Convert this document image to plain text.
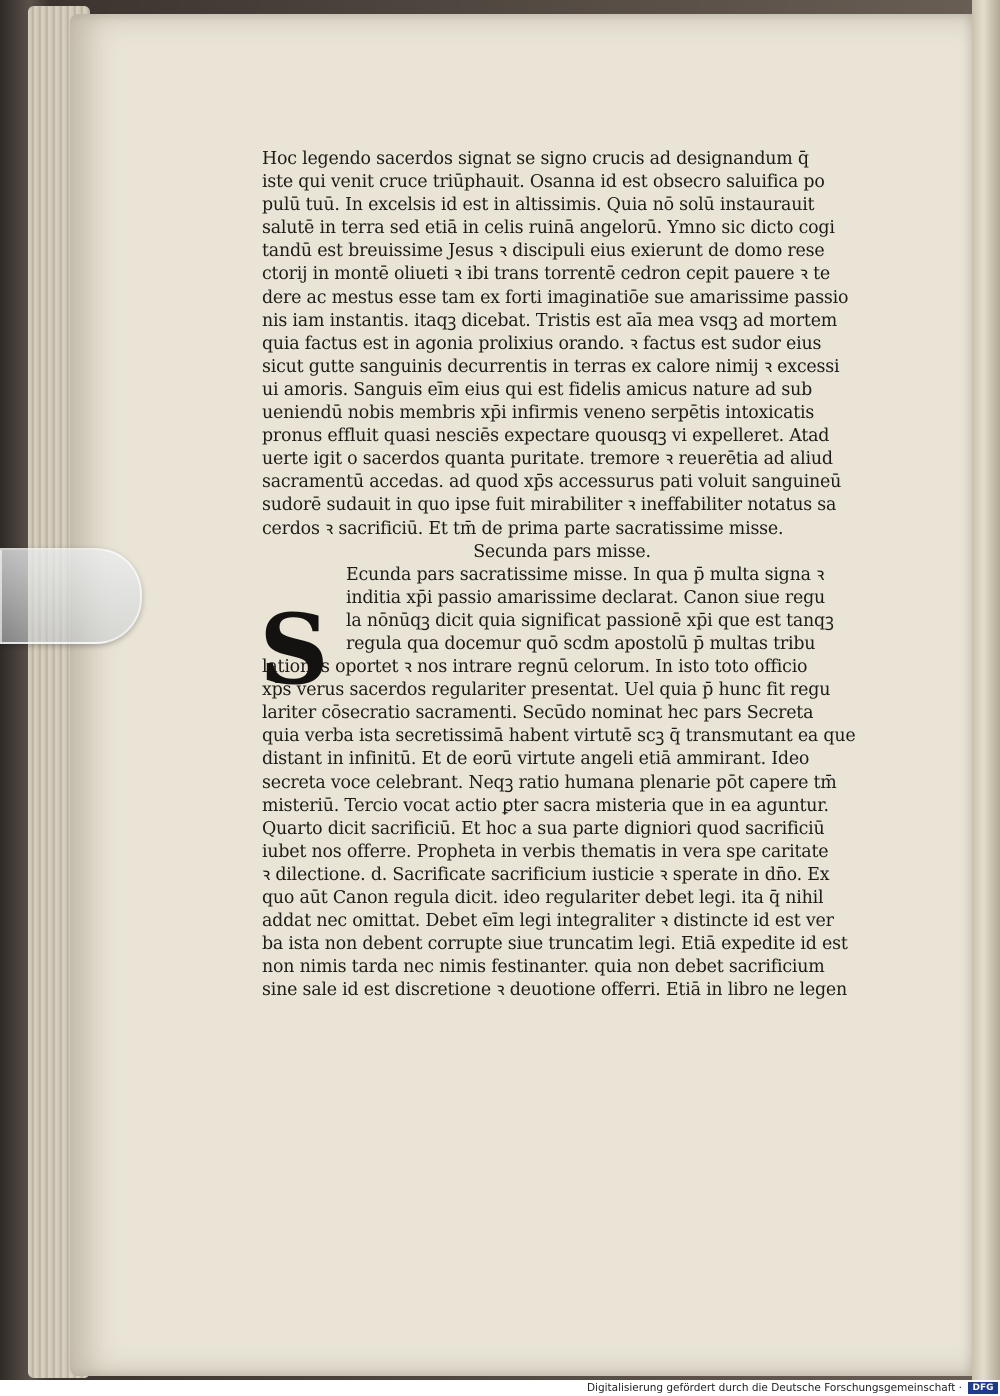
Hoc legendo sacerdos signat se signo crucis ad designandum q̄
iste qui venit cruce triūphauit. Osanna id est obsecro saluifica po
pulū tuū. In excelsis id est in altissimis. Quia nō solū instaurauit
salutē in terra sed etiā in celis ruinā angelorū. Ymno sic dicto cogi
tandū est breuissime Jesus ꝛ discipuli eius exierunt de domo rese
ctorij in montē oliueti ꝛ ibi trans torrentē cedron cepit pauere ꝛ te
dere ac mestus esse tam ex forti imaginatiōe sue amarissime passio
nis iam instantis. itaqꝫ dicebat. Tristis est aīa mea vsqꝫ ad mortem
quia factus est in agonia prolixius orando. ꝛ factus est sudor eius
sicut gutte sanguinis decurrentis in terras ex calore nimij ꝛ excessi
ui amoris. Sanguis eīm eius qui est fidelis amicus nature ad sub
ueniendū nobis membris xp̄i infirmis veneno serpētis intoxicatis
pronus effluit quasi nesciēs expectare quousqꝫ vi expelleret. Atad
uerte igit̄ o sacerdos quanta puritate. tremore ꝛ reuerētia ad aliud
sacramentū accedas. ad quod xp̄s accessurus pati voluit sanguineū
sudorē sudauit in quo ipse fuit mirabiliter ꝛ ineffabiliter notatus sa
cerdos ꝛ sacrificiū. Et tm̄ de prima parte sacratissime misse.
Secunda pars misse.
Ecunda pars sacratissime misse. In qua p̄ multa signa ꝛ
inditia xp̄i passio amarissime declarat̄. Canon siue regu
la nōnūqꝫ dicit̄ quia significat passionē xp̄i que est tanqꝫ
regula qua docemur quō scd̄m apostolū p̄ multas tribu
lationes oportet ꝛ nos intrare regnū celorum. In isto toto officio
xp̄s verus sacerdos regulariter presentat̄. Uel quia p̄ hunc fit regu
lariter cōsecratio sacramenti. Secūdo nominat̄ hec pars Secreta
quia verba ista secretissimā habent virtutē scꝫ q̄ transmutant ea que
distant in infinitū. Et de eorū virtute angeli etiā ammirant̄. Ideo
secreta voce celebrant̄. Neqꝫ ratio humana plenarie pōt capere tm̄
misteriū. Tercio vocat̄ actio ꝑter sacra misteria que in ea aguntur.
Quarto dicit̄ sacrificiū. Et hoc a sua parte digniori quod sacrificiū
iubet nos offerre. Propheta in verbis thematis in vera spe caritate
ꝛ dilectione. d. Sacrificate sacrificium iusticie ꝛ sperate in dn̄o. Ex
quo aūt Canon regula dicit̄. ideo regulariter debet legi. ita q̄ nihil
addat̄ nec omittat̄. Debet eīm legi integraliter ꝛ distincte id est ver
ba ista non debent corrupte siue truncatim legi. Etiā expedite id est
non nimis tarda nec nimis festinanter. quia non debet sacrificium
sine sale id est discretione ꝛ deuotione offerri. Etiā in libro ne legen
S
Digitalisierung gefördert durch die Deutsche Forschungsgemeinschaft ·	DFG
